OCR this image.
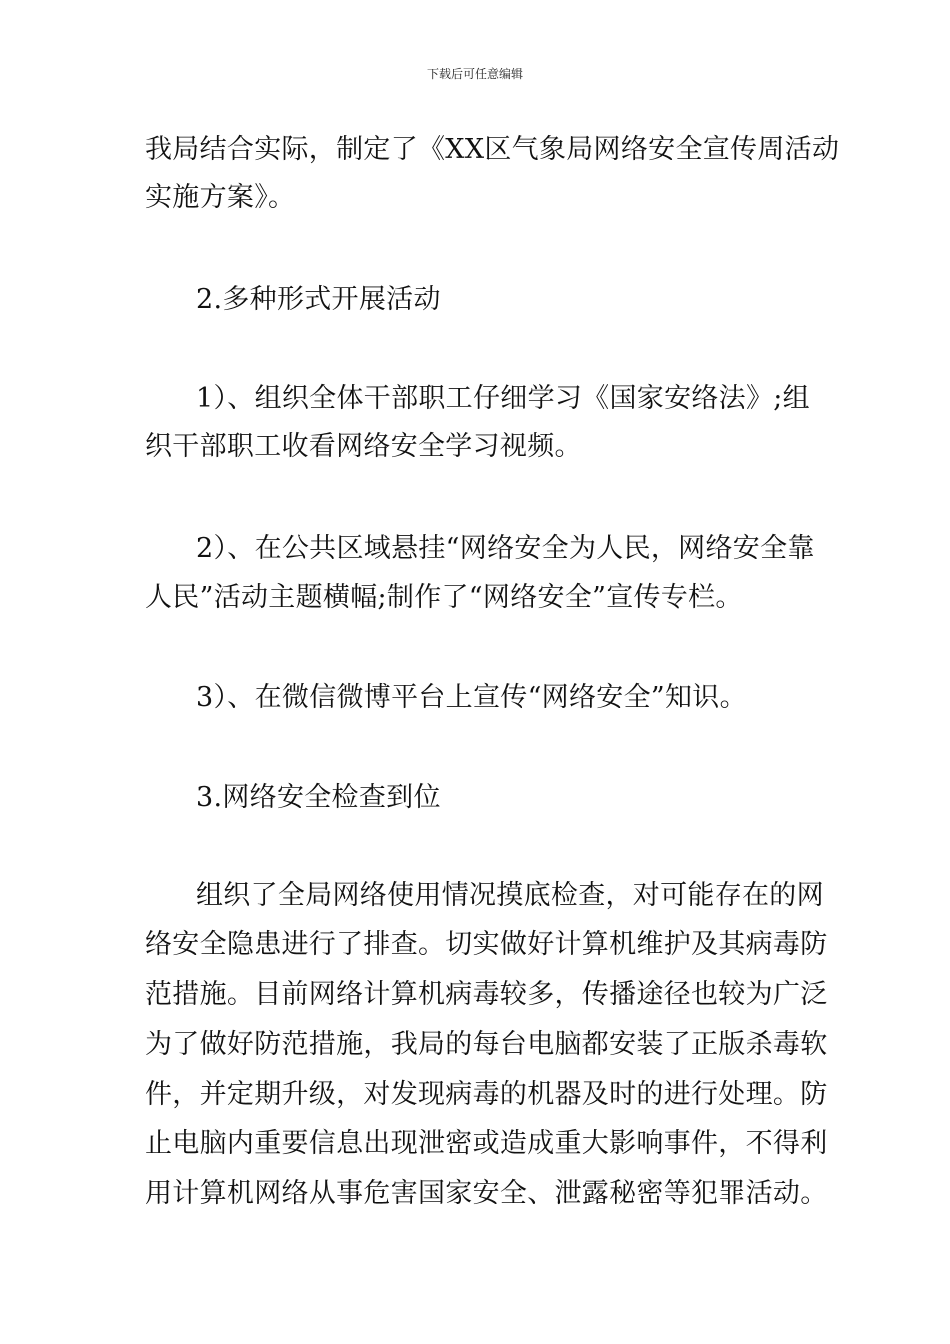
下载后可任意编辑
我局结合实际，制定了《XX区气象局网络安全宣传周活动
实施方案》。
2.多种形式开展活动
1）、组织全体干部职工仔细学习《国家安络法》;组
织干部职工收看网络安全学习视频。
2）、在公共区域悬挂“网络安全为人民，网络安全靠
人民”活动主题横幅;制作了“网络安全”宣传专栏。
3）、在微信微博平台上宣传“网络安全”知识。
3.网络安全检查到位
组织了全局网络使用情况摸底检查，对可能存在的网
络安全隐患进行了排查。切实做好计算机维护及其病毒防
范措施。目前网络计算机病毒较多，传播途径也较为广泛
为了做好防范措施，我局的每台电脑都安装了正版杀毒软
件，并定期升级，对发现病毒的机器及时的进行处理。防
止电脑内重要信息出现泄密或造成重大影响事件，不得利
用计算机网络从事危害国家安全、泄露秘密等犯罪活动。
